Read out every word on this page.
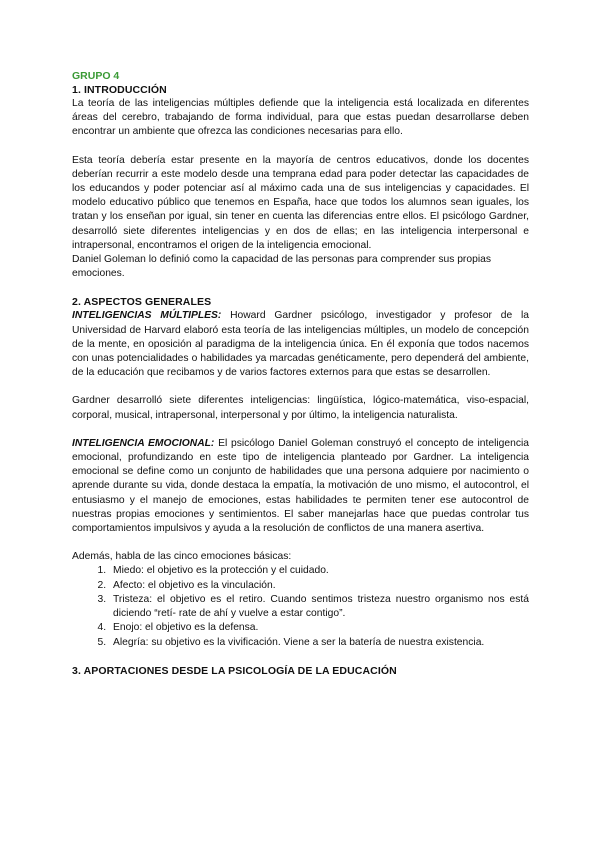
GRUPO 4

1. INTRODUCCIÓN

La teoría de las inteligencias múltiples defiende que la inteligencia está localizada en diferentes áreas del cerebro, trabajando de forma individual, para que estas puedan desarrollarse deben encontrar un ambiente que ofrezca las condiciones necesarias para ello.

Esta teoría debería estar presente en la mayoría de centros educativos, donde los docentes deberían recurrir a este modelo desde una temprana edad para poder detectar las capacidades de los educandos y poder potenciar así al máximo cada una de sus inteligencias y capacidades. El modelo educativo público que tenemos en España, hace que todos los alumnos sean iguales, los tratan y los enseñan por igual, sin tener en cuenta las diferencias entre ellos. El psicólogo Gardner, desarrolló siete diferentes inteligencias y en dos de ellas; en las inteligencia interpersonal e intrapersonal, encontramos el origen de la inteligencia emocional.

Daniel Goleman lo definió como la capacidad de las personas para comprender sus propias emociones.

2. ASPECTOS GENERALES

INTELIGENCIAS MÚLTIPLES: Howard Gardner psicólogo, investigador y profesor de la Universidad de Harvard elaboró esta teoría de las inteligencias múltiples, un modelo de concepción de la mente, en oposición al paradigma de la inteligencia única. En él exponía que todos nacemos con unas potencialidades o habilidades ya marcadas genéticamente, pero dependerá del ambiente, de la educación que recibamos y de varios factores externos para que estas se desarrollen.

Gardner desarrolló siete diferentes inteligencias: lingüística, lógico-matemática, viso-espacial, corporal, musical, intrapersonal, interpersonal y por último, la inteligencia naturalista.

INTELIGENCIA EMOCIONAL: El psicólogo Daniel Goleman construyó el concepto de inteligencia emocional, profundizando en este tipo de inteligencia planteado por Gardner. La inteligencia emocional se define como un conjunto de habilidades que una persona adquiere por nacimiento o aprende durante su vida, donde destaca la empatía, la motivación de uno mismo, el autocontrol, el entusiasmo y el manejo de emociones, estas habilidades te permiten tener ese autocontrol de nuestras propias emociones y sentimientos. El saber manejarlas hace que puedas controlar tus comportamientos impulsivos y ayuda a la resolución de conflictos de una manera asertiva.

Además, habla de las cinco emociones básicas:

1. Miedo: el objetivo es la protección y el cuidado.
2. Afecto: el objetivo es la vinculación.
3. Tristeza: el objetivo es el retiro. Cuando sentimos tristeza nuestro organismo nos está diciendo “retí- rate de ahí y vuelve a estar contigo”.
4. Enojo: el objetivo es la defensa.
5. Alegría: su objetivo es la vivificación. Viene a ser la batería de nuestra existencia.
3. APORTACIONES DESDE LA PSICOLOGÍA DE LA EDUCACIÓN
